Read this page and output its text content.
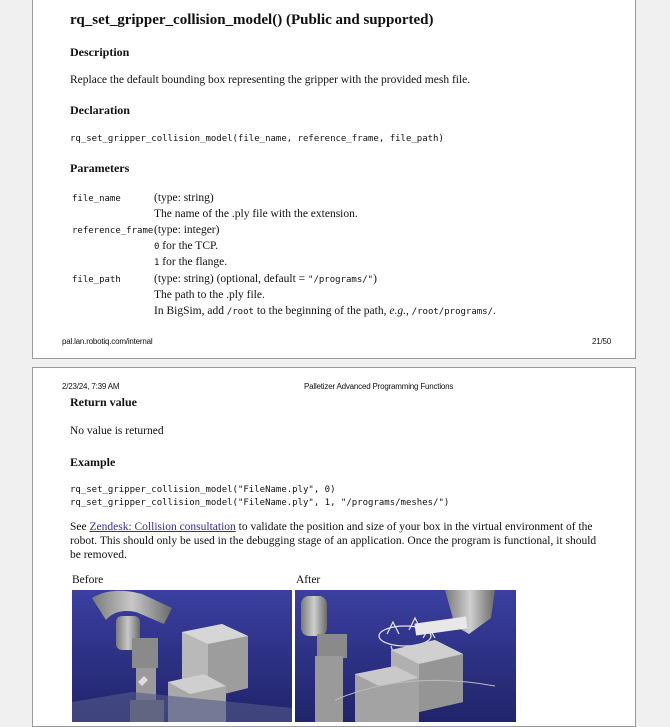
rq_set_gripper_collision_model() (Public and supported)
Description
Replace the default bounding box representing the gripper with the provided mesh file.
Declaration
rq_set_gripper_collision_model(file_name, reference_frame, file_path)
Parameters
file_name	(type: string)
The name of the .ply file with the extension.
reference_frame (type: integer)
0 for the TCP.
1 for the flange.
file_path	(type: string) (optional, default = "/programs/")
The path to the .ply file.
In BigSim, add /root to the beginning of the path, e.g., /root/programs/.
pal.lan.robotiq.com/internal	21/50
2/23/24, 7:39 AM	Palletizer Advanced Programming Functions
Return value
No value is returned
Example
rq_set_gripper_collision_model("FileName.ply", 0)
rq_set_gripper_collision_model("FileName.ply", 1, "/programs/meshes/")
See Zendesk: Collision consultation to validate the position and size of your box in the virtual environment of the robot. This should only be used in the debugging stage of an application. Once the program is functional, it should be removed.
Before	After
